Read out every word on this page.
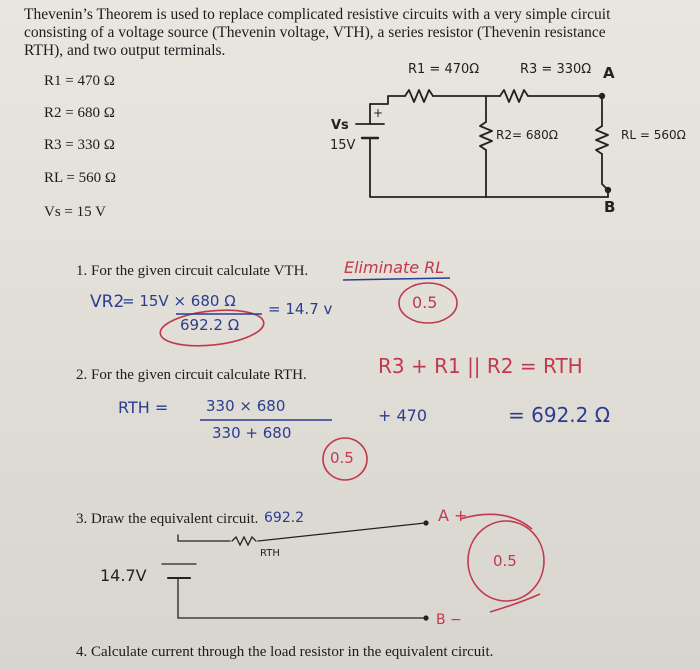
Thevenin’s Theorem is used to replace complicated resistive circuits with a very simple circuit
consisting of a voltage source (Thevenin voltage, VTH), a series resistor (Thevenin resistance
RTH), and two output terminals.
R1 = 470 Ω
R2 = 680 Ω
R3 = 330 Ω
RL = 560 Ω
Vs = 15 V
R1 = 470Ω	R3 = 330Ω A
R2= 680Ω	RL = 560Ω
Vs
15V
+
B
1. For the given circuit calculate VTH. Eliminate RL
VR2
= 15V × 680 Ω
692.2 Ω
= 14.7 v	0.5
2. For the given circuit calculate RTH.	R3 + R1 || R2 = RTH
RTH =	330 × 680
330 + 680
+ 470	= 692.2 Ω
0.5
3. Draw the equivalent circuit. 692.2
RTH
14.7V
A +
B −
0.5
4. Calculate current through the load resistor in the equivalent circuit.
